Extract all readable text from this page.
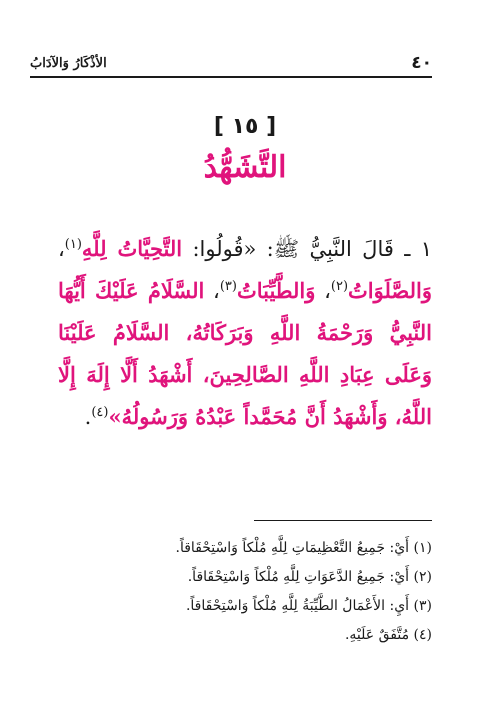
٤٠
الأذْكَارُ وَالآدَابُ
[ ١٥ ]
التَّشَهُّدُ
١ ـ قَالَ النَّبِيُّ ﷺ: «قُولُوا: التَّحِيَّاتُ لِلَّهِ$^{(١)}$، وَالصَّلَوَاتُ$^{(٢)}$، وَالطَّيِّبَاتُ$^{(٣)}$، السَّلَامُ عَلَيْكَ أَيُّهَا النَّبِيُّ وَرَحْمَةُ اللَّهِ وَبَرَكَاتُهُ، السَّلَامُ عَلَيْنَا وَعَلَى عِبَادِ اللَّهِ الصَّالِحِينَ، أَشْهَدُ أَلَّا إِلَهَ إِلَّا اللَّهُ، وَأَشْهَدُ أَنَّ مُحَمَّداً عَبْدُهُ وَرَسُولُهُ»$^{(٤)}$.
(١) أَيْ: جَمِيعُ التَّعْظِيمَاتِ لِلَّهِ مُلْكاً وَاسْتِحْقَاقاً.
(٢) أَيْ: جَمِيعُ الدَّعَوَاتِ لِلَّهِ مُلْكاً وَاسْتِحْقَاقاً.
(٣) أَيِ: الأَعْمَالُ الطَّيِّبَةُ لِلَّهِ مُلْكاً وَاسْتِحْقَاقاً.
(٤) مُتَّفَقٌ عَلَيْهِ.
